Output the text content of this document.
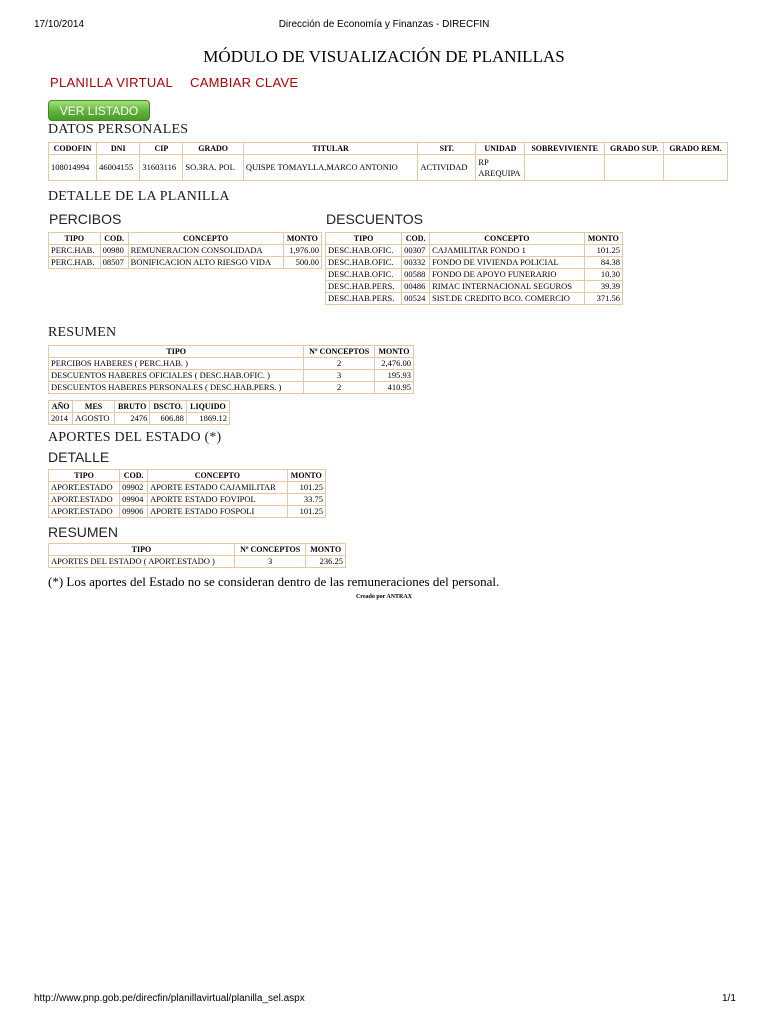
17/10/2014	Dirección de Economía y Finanzas - DIRECFIN
http://www.pnp.gob.pe/direcfin/planillavirtual/planilla_sel.aspx	1/1
MÓDULO DE VISUALIZACIÓN DE PLANILLAS
PLANILLA VIRTUAL CAMBIAR CLAVE
VER LISTADO
DATOS PERSONALES
CODOFIN	DNI	CIP	GRADO	TITULAR	SIT.	UNIDAD	SOBREVIVIENTE	GRADO SUP.	GRADO REM.
108014994	46004155	31603116	SO.3RA. POL	QUISPE TOMAYLLA,MARCO ANTONIO	ACTIVIDAD	RP AREQUIPA			
DETALLE DE LA PLANILLA
PERCIBOS	DESCUENTOS
TIPO	COD.	CONCEPTO	MONTO
PERC.HAB.	00980	REMUNERACION CONSOLIDADA	1,976.00
PERC.HAB.	08507	BONIFICACION ALTO RIESGO VIDA	500.00
TIPO	COD.	CONCEPTO	MONTO
DESC.HAB.OFIC.	00307	CAJAMILITAR FONDO 1	101.25
DESC.HAB.OFIC.	00332	FONDO DE VIVIENDA POLICIAL	84.38
DESC.HAB.OFIC.	00588	FONDO DE APOYO FUNERARIO	10.30
DESC.HAB.PERS.	00486	RIMAC INTERNACIONAL SEGUROS	39.39
DESC.HAB.PERS.	00524	SIST.DE CREDITO BCO. COMERCIO	371.56
RESUMEN
TIPO	Nº CONCEPTOS	MONTO
PERCIBOS HABERES ( PERC.HAB. )	2	2,476.00
DESCUENTOS HABERES OFICIALES ( DESC.HAB.OFIC. )	3	195.93
DESCUENTOS HABERES PERSONALES ( DESC.HAB.PERS. )	2	410.95
AÑO	MES	BRUTO	DSCTO.	LIQUIDO
2014	AGOSTO	2476	606.88	1869.12
APORTES DEL ESTADO (*)
DETALLE
TIPO	COD.	CONCEPTO	MONTO
APORT.ESTADO	09902	APORTE ESTADO CAJAMILITAR	101.25
APORT.ESTADO	09904	APORTE ESTADO FOVIPOL	33.75
APORT.ESTADO	09906	APORTE ESTADO FOSPOLI	101.25
RESUMEN
TIPO	Nº CONCEPTOS	MONTO
APORTES DEL ESTADO ( APORT.ESTADO )	3	236.25
(*) Los aportes del Estado no se consideran dentro de las remuneraciones del personal.
Creado por ANTRAX
